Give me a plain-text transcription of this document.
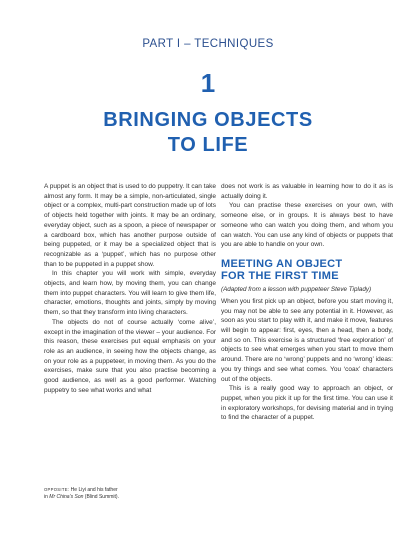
PART I – TECHNIQUES
1
BRINGING OBJECTS
TO LIFE

A puppet is an object that is used to do puppetry. It can take almost any form. It may be a simple, non-articulated, single object or a complex, multi-part construction made up of lots of objects held together with joints. It may be an ordinary, everyday object, such as a spoon, a piece of newspaper or a cardboard box, which has another purpose outside of being puppeted, or it may be a specialized object that is recognizable as a ‘puppet’, which has no purpose other than to be puppeted in a puppet show.

In this chapter you will work with simple, everyday objects, and learn how, by moving them, you can change them into puppet characters. You will learn to give them life, character, emotions, thoughts and joints, simply by moving them, so that they transform into living characters.

The objects do not of course actually ‘come alive’, except in the imagination of the viewer – your audience. For this reason, these exercises put equal emphasis on your role as an audience, in seeing how the objects change, as on your role as a puppeteer, in moving them. As you do the exercises, make sure that you also practise becoming a good audience, as well as a good performer. Watching puppetry to see what works and what

OPPOSITE: He Liyi and his father
in Mr China’s Son (Blind Summit).

does not work is as valuable in learning how to do it as is actually doing it.

You can practise these exercises on your own, with someone else, or in groups. It is always best to have someone who can watch you doing them, and whom you can watch. You can use any kind of objects or puppets that you are able to handle on your own.

MEETING AN OBJECT
FOR THE FIRST TIME
(Adapted from a lesson with puppeteer Steve Tiplady)

When you first pick up an object, before you start moving it, you may not be able to see any potential in it. However, as soon as you start to play with it, and make it move, features will begin to appear: first, eyes, then a head, then a body, and so on. This exercise is a structured ‘free exploration’ of objects to see what emerges when you start to move them around. There are no ‘wrong’ puppets and no ‘wrong’ ideas: you try things and see what comes. You ‘coax’ characters out of the objects.

This is a really good way to approach an object, or puppet, when you pick it up for the first time. You can use it in exploratory workshops, for devising material and in trying to find the character of a puppet.
